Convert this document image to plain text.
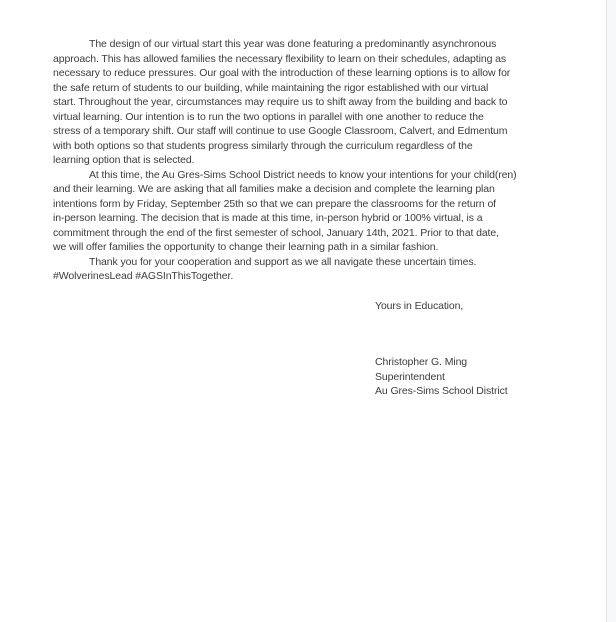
The design of our virtual start this year was done featuring a predominantly asynchronous
approach. This has allowed families the necessary flexibility to learn on their schedules, adapting as
necessary to reduce pressures. Our goal with the introduction of these learning options is to allow for
the safe return of students to our building, while maintaining the rigor established with our virtual
start. Throughout the year, circumstances may require us to shift away from the building and back to
virtual learning. Our intention is to run the two options in parallel with one another to reduce the
stress of a temporary shift. Our staff will continue to use Google Classroom, Calvert, and Edmentum
with both options so that students progress similarly through the curriculum regardless of the
learning option that is selected.
At this time, the Au Gres-Sims School District needs to know your intentions for your child(ren)
and their learning. We are asking that all families make a decision and complete the learning plan
intentions form by Friday, September 25th so that we can prepare the classrooms for the return of
in-person learning. The decision that is made at this time, in-person hybrid or 100% virtual, is a
commitment through the end of the first semester of school, January 14th, 2021. Prior to that date,
we will offer families the opportunity to change their learning path in a similar fashion.
Thank you for your cooperation and support as we all navigate these uncertain times.
#WolverinesLead #AGSInThisTogether.

Yours in Education,

Christopher G. Ming

Superintendent

Au Gres-Sims School District
